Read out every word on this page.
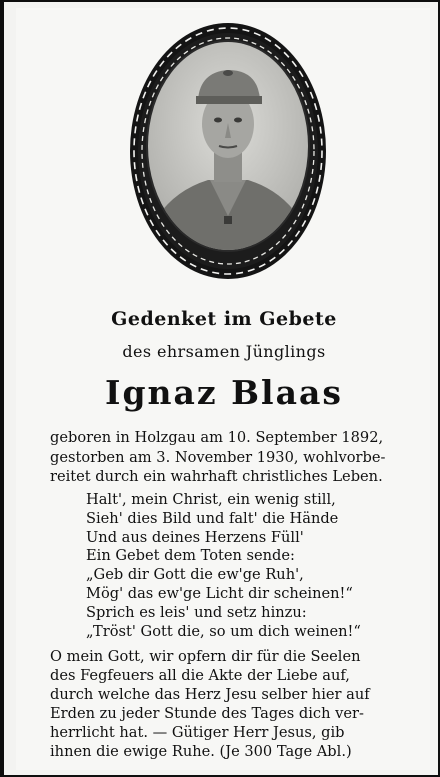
Gedenket im Gebete
des ehrsamen Jünglings
Ignaz Blaas
geboren in Holzgau am 10. September 1892,
gestorben am 3. November 1930, wohlvorbe-
reitet durch ein wahrhaft christliches Leben.
Halt', mein Christ, ein wenig still,
Sieh' dies Bild und falt' die Hände
Und aus deines Herzens Füll'
Ein Gebet dem Toten sende:
„Geb dir Gott die ew'ge Ruh',
Mög' das ew'ge Licht dir scheinen!“
Sprich es leis' und setz hinzu:
„Tröst' Gott die, so um dich weinen!“
O mein Gott, wir opfern dir für die Seelen
des Fegfeuers all die Akte der Liebe auf,
durch welche das Herz Jesu selber hier auf
Erden zu jeder Stunde des Tages dich ver-
herrlicht hat. — Gütiger Herr Jesus, gib
ihnen die ewige Ruhe. (Je 300 Tage Abl.)
